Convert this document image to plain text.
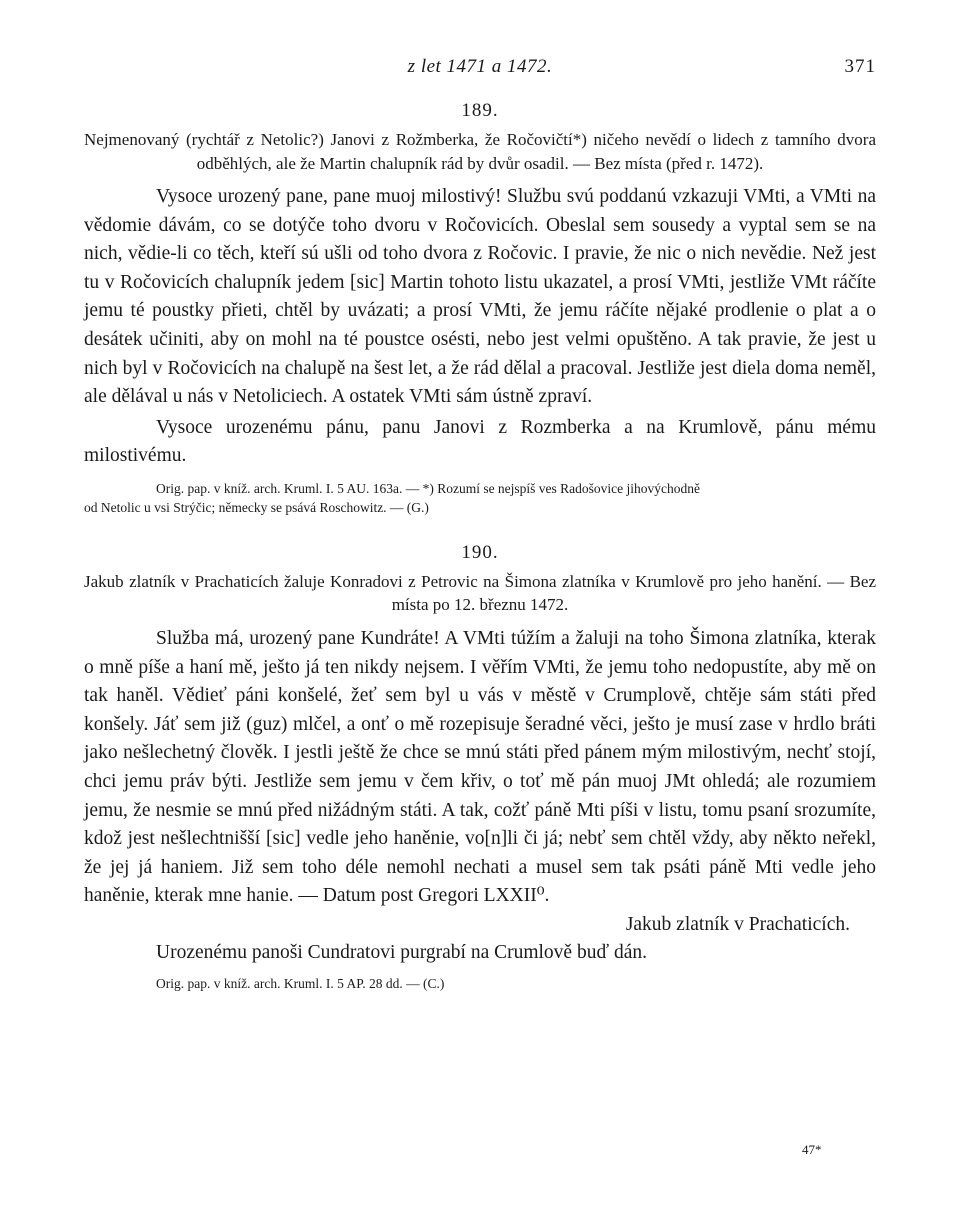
z let 1471 a 1472.	371
189.
Nejmenovaný (rychtář z Netolic?) Janovi z Rožmberka, že Ročovičtí*) ničeho nevědí o lidech z tamního dvora odběhlých, ale že Martin chalupník rád by dvůr osadil. — Bez místa (před r. 1472).

Vysoce urozený pane, pane muoj milostivý! Službu svú poddanú vzkazuji VMti, a VMti na vědomie dávám, co se dotýče toho dvoru v Ročovicích. Obeslal sem sousedy a vyptal sem se na nich, vědie-li co těch, kteří sú ušli od toho dvora z Ročovic. I pravie, že nic o nich nevědie. Než jest tu v Ročovicích chalupník jedem [sic] Martin tohoto listu ukazatel, a prosí VMti, jestliže VMt ráčíte jemu té poustky přieti, chtěl by uvázati; a prosí VMti, že jemu ráčíte nějaké prodlenie o plat a o desátek učiniti, aby on mohl na té poustce osésti, nebo jest velmi opuštěno. A tak pravie, že jest u nich byl v Ročovicích na chalupě na šest let, a že rád dělal a pracoval. Jestliže jest diela doma neměl, ale dělával u nás v Netoliciech. A ostatek VMti sám ústně zpraví.

Vysoce urozenému pánu, panu Janovi z Rozmberka a na Krumlově, pánu mému milostivému.
Orig. pap. v kníž. arch. Kruml. I. 5 AU. 163a. — *) Rozumí se nejspíš ves Radošovice jihovýchodně
od Netolic u vsi Strýčic; německy se psává Roschowitz. — (G.)
190.
Jakub zlatník v Prachaticích žaluje Konradovi z Petrovic na Šimona zlatníka v Krumlově pro jeho hanění. — Bez místa po 12. březnu 1472.

Služba má, urozený pane Kundráte! A VMti túžím a žaluji na toho Šimona zlatníka, kterak o mně píše a haní mě, ješto já ten nikdy nejsem. I věřím VMti, že jemu toho nedopustíte, aby mě on tak haněl. Vědieť páni konšelé, žeť sem byl u vás v městě v Crumplově, chtěje sám státi před konšely. Jáť sem již (guz) mlčel, a onť o mě rozepisuje šeradné věci, ješto je musí zase v hrdlo bráti jako nešlechetný člověk. I jestli ještě že chce se mnú státi před pánem mým milostivým, nechť stojí, chci jemu práv býti. Jestliže sem jemu v čem křiv, o toť mě pán muoj JMt ohledá; ale rozumiem jemu, že nesmie se mnú před nižádným státi. A tak, cožť páně Mti píši v listu, tomu psaní srozumíte, kdož jest nešlechtnišší [sic] vedle jeho haněnie, vo[n]li či já; nebť sem chtěl vždy, aby někto neřekl, že jej já haniem. Již sem toho déle nemohl nechati a musel sem tak psáti páně Mti vedle jeho haněnie, kterak mne hanie. — Datum post Gregori LXXII⁰.

Jakub zlatník v Prachaticích.
Urozenému panoši Cundratovi purgrabí na Crumlově buď dán.
Orig. pap. v kníž. arch. Kruml. I. 5 AP. 28 dd. — (C.)
47*
